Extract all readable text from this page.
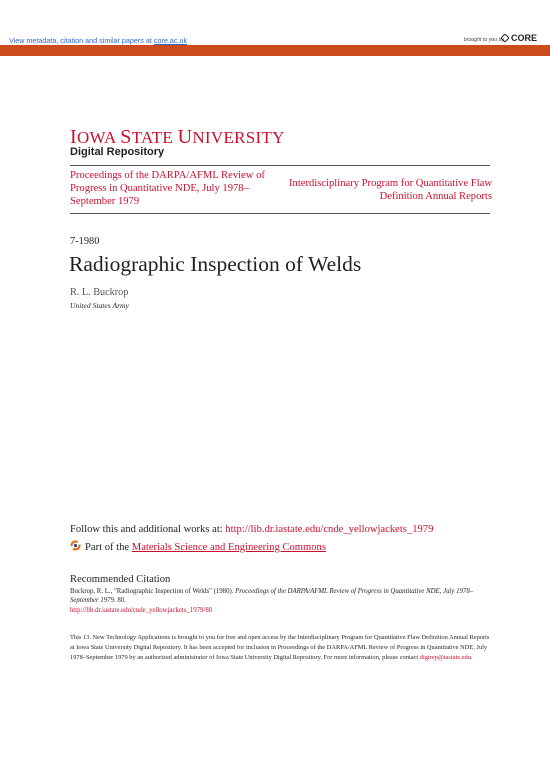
View metadata, citation and similar papers at core.ac.uk	brought to you by CORE
provided by Digital Repository @ Iowa State University
IOWA STATE UNIVERSITY
Digital Repository
Proceedings of the DARPA/AFML Review of Progress in Quantitative NDE, July 1978–September 1979
Interdisciplinary Program for Quantitative Flaw Definition Annual Reports
7-1980
Radiographic Inspection of Welds
R. L. Buckrop
United States Army
Follow this and additional works at: http://lib.dr.iastate.edu/cnde_yellowjackets_1979
Part of the Materials Science and Engineering Commons
Recommended Citation
Buckrop, R. L., "Radiographic Inspection of Welds" (1980). Proceedings of the DARPA/AFML Review of Progress in Quantitative NDE, July 1978–September 1979. 80.
http://lib.dr.iastate.edu/cnde_yellowjackets_1979/80
This 13. New Technology Applications is brought to you for free and open access by the Interdisciplinary Program for Quantitative Flaw Definition Annual Reports at Iowa State University Digital Repository. It has been accepted for inclusion in Proceedings of the DARPA/AFML Review of Progress in Quantitative NDE, July 1978–September 1979 by an authorized administrator of Iowa State University Digital Repository. For more information, please contact digirep@iastate.edu.
